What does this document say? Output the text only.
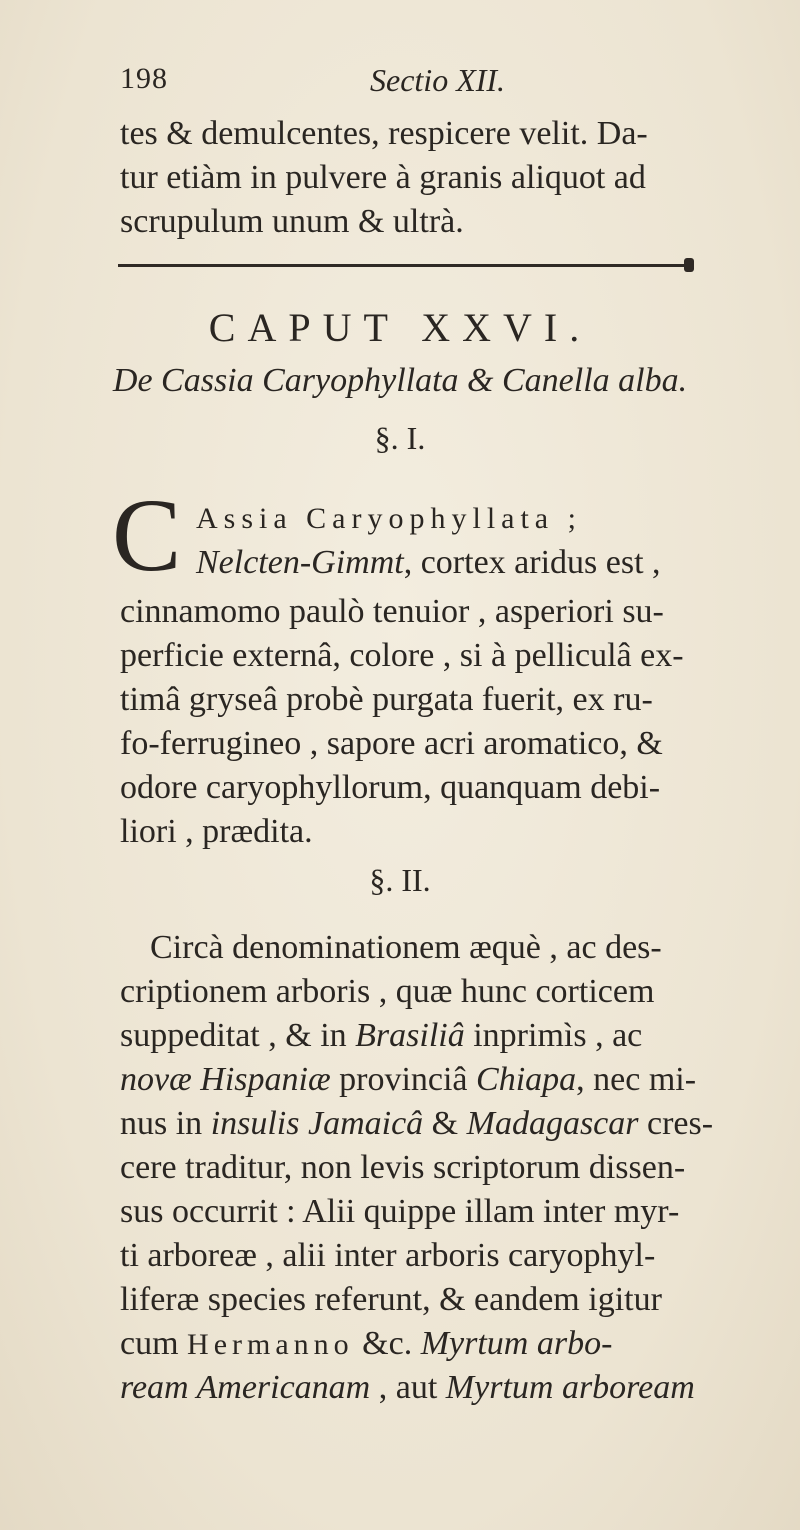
198	Sectio XII.
tes & demulcentes, respicere velit. Da-
tur etiàm in pulvere à granis aliquot ad
scrupulum unum & ultrà.
CAPUT XXVI.
De Cassia Caryophyllata & Canella alba.
§. I.
C Assia Caryophyllata ;
Nelcten-Gimmt, cortex aridus est ,
cinnamomo paulò tenuior , asperiori su-
perficie externâ, colore , si à pelliculâ ex-
timâ gryseâ probè purgata fuerit, ex ru-
fo-ferrugineo , sapore acri aromatico, &
odore caryophyllorum, quanquam debi-
liori , prædita.
§. II.
Circà denominationem æquè , ac des-
criptionem arboris , quæ hunc corticem
suppeditat , & in Brasiliâ inprimìs , ac
novæ Hispaniæ provinciâ Chiapa, nec mi-
nus in insulis Jamaicâ & Madagascar cres-
cere traditur, non levis scriptorum dissen-
sus occurrit : Alii quippe illam inter myr-
ti arboreæ , alii inter arboris caryophyl-
liferæ species referunt, & eandem igitur
cum Hermanno &c. Myrtum arbo-
ream Americanam , aut Myrtum arboream
